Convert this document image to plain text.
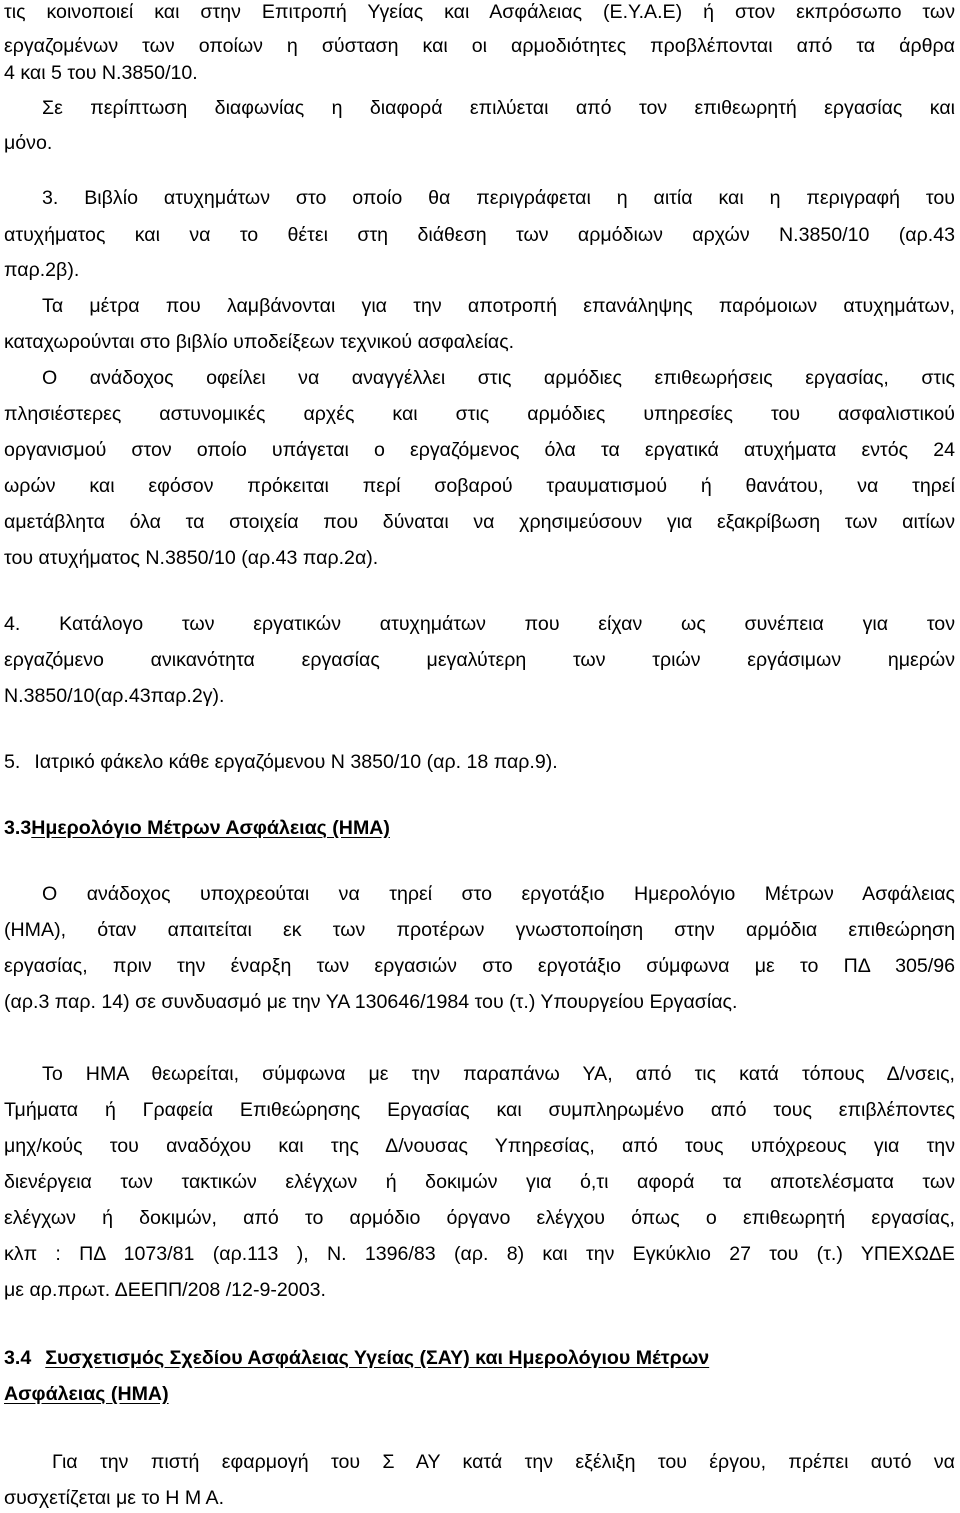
τις κοινοποιεί και στην Επιτροπή Υγείας και Ασφάλειας (Ε.Υ.Α.Ε) ή στον εκπρόσωπο των
εργαζομένων των οποίων η σύσταση και οι αρμοδιότητες προβλέπονται από τα άρθρα
4 και 5 του Ν.3850/10.
Σε περίπτωση διαφωνίας η διαφορά επιλύεται από τον επιθεωρητή εργασίας και
μόνο.
3. Βιβλίο ατυχημάτων στο οποίο θα περιγράφεται η αιτία και η περιγραφή του
ατυχήματος και να το θέτει στη διάθεση των αρμόδιων αρχών Ν.3850/10 (αρ.43
παρ.2β).
Τα μέτρα που λαμβάνονται για την αποτροπή επανάληψης παρόμοιων ατυχημάτων,
καταχωρούνται στο βιβλίο υποδείξεων τεχνικού ασφαλείας.
Ο ανάδοχος οφείλει να αναγγέλλει στις αρμόδιες επιθεωρήσεις εργασίας, στις
πλησιέστερες αστυνομικές αρχές και στις αρμόδιες υπηρεσίες του ασφαλιστικού
οργανισμού στον οποίο υπάγεται ο εργαζόμενος όλα τα εργατικά ατυχήματα εντός 24
ωρών και εφόσον πρόκειται περί σοβαρού τραυματισμού ή θανάτου, να τηρεί
αμετάβλητα όλα τα στοιχεία που δύναται να χρησιμεύσουν για εξακρίβωση των αιτίων
του ατυχήματος Ν.3850/10 (αρ.43 παρ.2α).
4. Κατάλογο των εργατικών ατυχημάτων που είχαν ως συνέπεια για τον
εργαζόμενο ανικανότητα εργασίας μεγαλύτερη των τριών εργάσιμων ημερών
Ν.3850/10(αρ.43παρ.2γ).
5. Ιατρικό φάκελο κάθε εργαζόμενου Ν 3850/10 (αρ. 18 παρ.9).
3.3Ημερολόγιο Μέτρων Ασφάλειας (ΗΜΑ)
Ο ανάδοχος υποχρεούται να τηρεί στο εργοτάξιο Ημερολόγιο Μέτρων Ασφάλειας
(ΗΜΑ), όταν απαιτείται εκ των προτέρων γνωστοποίηση στην αρμόδια επιθεώρηση
εργασίας, πριν την έναρξη των εργασιών στο εργοτάξιο σύμφωνα με το ΠΔ 305/96
(αρ.3 παρ. 14) σε συνδυασμό με την ΥΑ 130646/1984 του (τ.) Υπουργείου Εργασίας.
Το ΗΜΑ θεωρείται, σύμφωνα με την παραπάνω ΥΑ, από τις κατά τόπους Δ/νσεις,
Τμήματα ή Γραφεία Επιθεώρησης Εργασίας και συμπληρωμένο από τους επιβλέποντες
μηχ/κούς του αναδόχου και της Δ/νουσας Υπηρεσίας, από τους υπόχρεους για την
διενέργεια των τακτικών ελέγχων ή δοκιμών για ό,τι αφορά τα αποτελέσματα των
ελέγχων ή δοκιμών, από το αρμόδιο όργανο ελέγχου όπως ο επιθεωρητή εργασίας,
κλπ : ΠΔ 1073/81 (αρ.113 ), Ν. 1396/83 (αρ. 8) και την Εγκύκλιο 27 του (τ.) ΥΠΕΧΩΔΕ
με αρ.πρωτ. ΔΕΕΠΠ/208 /12-9-2003.
3.4 Συσχετισμός Σχεδίου Ασφάλειας Υγείας (ΣΑΥ) και Ημερολόγιου Μέτρων
Ασφάλειας (ΗΜΑ)
Για την πιστή εφαρμογή του Σ ΑΥ κατά την εξέλιξη του έργου, πρέπει αυτό να
συσχετίζεται με το Η Μ Α.
